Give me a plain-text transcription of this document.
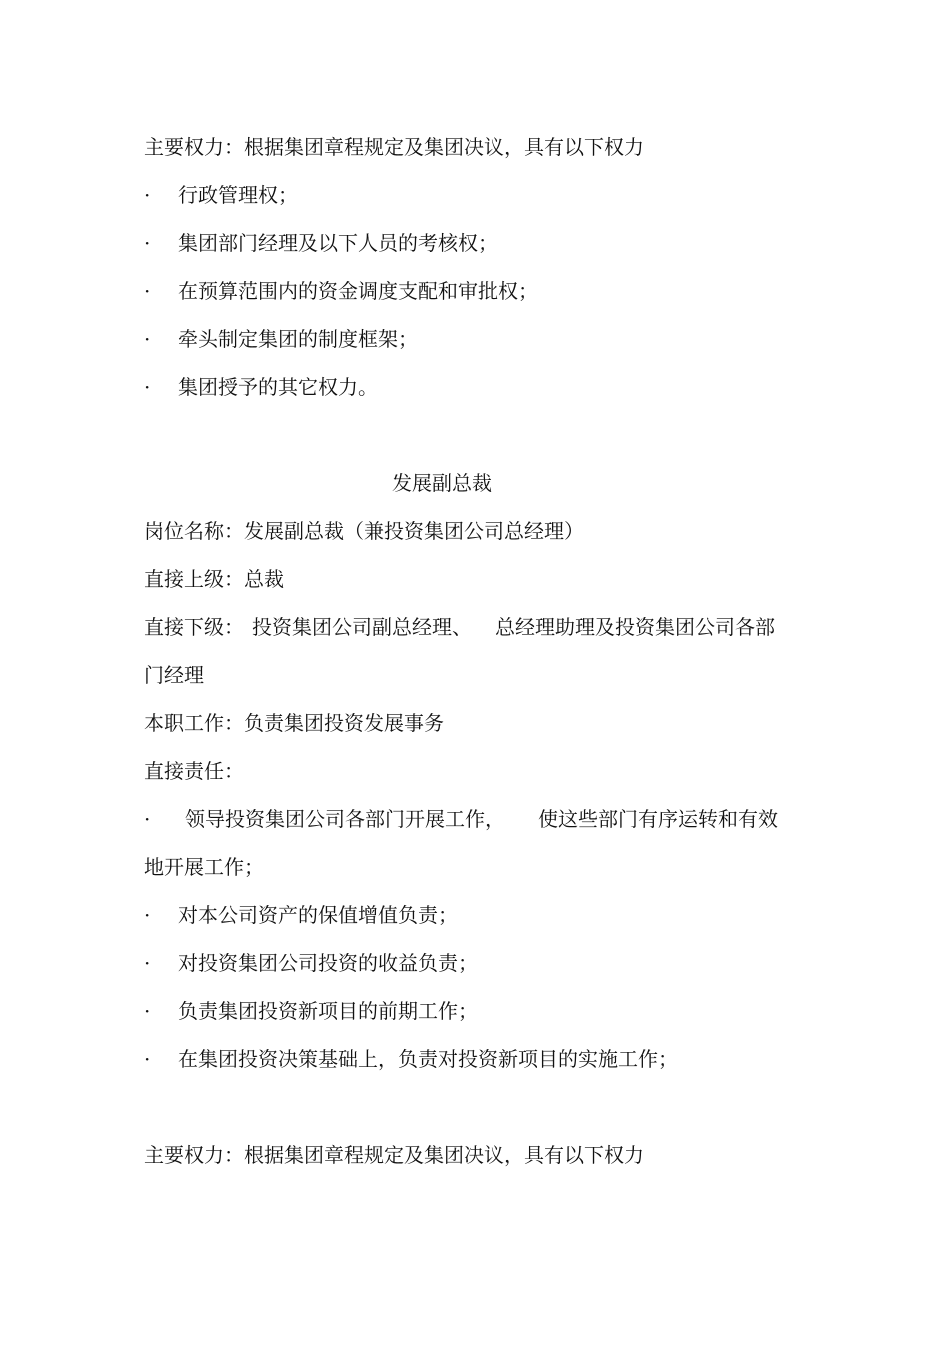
主要权力：根据集团章程规定及集团决议，具有以下权力
· 行政管理权；
· 集团部门经理及以下人员的考核权；
· 在预算范围内的资金调度支配和审批权；
· 牵头制定集团的制度框架；
· 集团授予的其它权力。
发展副总裁
岗位名称：发展副总裁（兼投资集团公司总经理）
直接上级：总裁
直接下级： 投资集团公司副总经理、 总经理助理及投资集团公司各部
门经理
本职工作：负责集团投资发展事务
直接责任：
· 领导投资集团公司各部门开展工作， 使这些部门有序运转和有效
地开展工作；
· 对本公司资产的保值增值负责；
· 对投资集团公司投资的收益负责；
· 负责集团投资新项目的前期工作；
· 在集团投资决策基础上，负责对投资新项目的实施工作；
主要权力：根据集团章程规定及集团决议，具有以下权力
